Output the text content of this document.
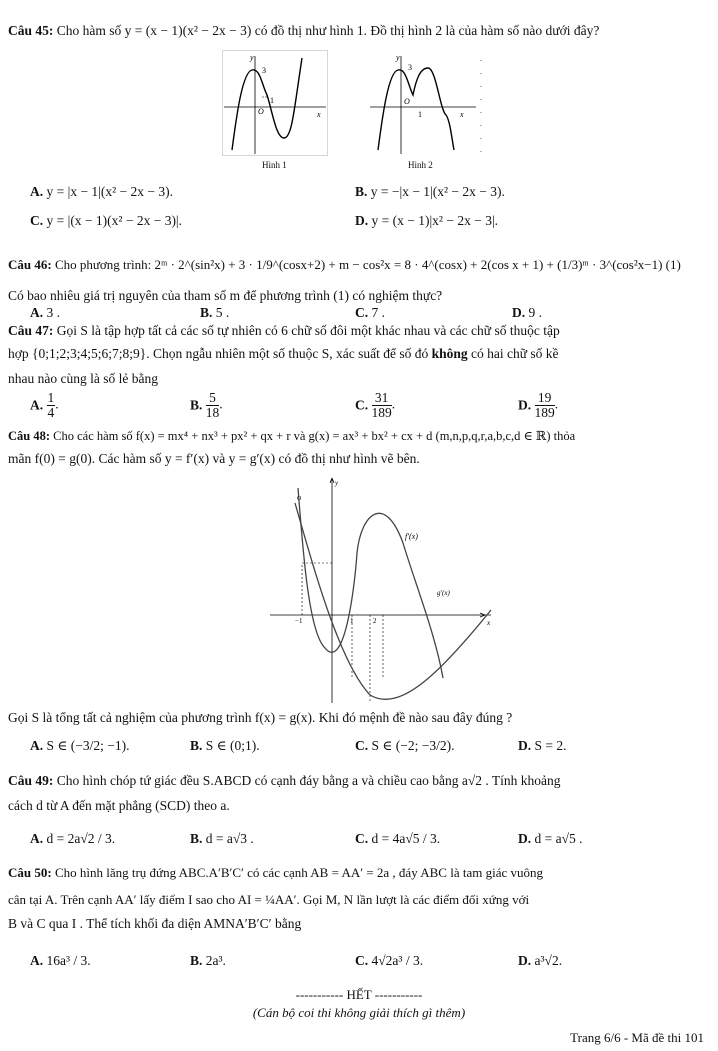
Câu 45: Cho hàm số y = (x − 1)(x² − 2x − 3) có đồ thị như hình 1. Đồ thị hình 2 là của hàm số nào dưới đây?
y
x
O
3
1
Hình 1
y
x
O
3
1
Hình 2
A. y = |x − 1|(x² − 2x − 3).	B. y = −|x − 1|(x² − 2x − 3).
C. y = |(x − 1)(x² − 2x − 3)|.	D. y = (x − 1)|x² − 2x − 3|.
Câu 46: Cho phương trình: 2ᵐ · 2^(sin²x) + 3 · 1/9^(cosx+2) + m − cos²x = 8 · 4^(cosx) + 2(cos x + 1) + (1/3)ᵐ · 3^(cos²x−1) (1)
Có bao nhiêu giá trị nguyên của tham số m để phương trình (1) có nghiệm thực?
A. 3 .	B. 5 .	C. 7 .	D. 9 .
Câu 47: Gọi S là tập hợp tất cả các số tự nhiên có 6 chữ số đôi một khác nhau và các chữ số thuộc tập
hợp {0;1;2;3;4;5;6;7;8;9}. Chọn ngẫu nhiên một số thuộc S, xác suất để số đó không có hai chữ số kề
nhau nào cùng là số lẻ bằng
A. $\frac{1}{4}$ .	B. $\frac{5}{18}$ .	C. $\frac{31}{189}$ .	D. $\frac{19}{189}$ .
Câu 48: Cho các hàm số f(x) = mx⁴ + nx³ + px² + qx + r và g(x) = ax³ + bx² + cx + d (m,n,p,q,r,a,b,c,d ∈ ℝ) thỏa
mãn f(0) = g(0). Các hàm số y = f′(x) và y = g′(x) có đồ thị như hình vẽ bên.
y
x
f′(x)
g′(x)
−1	1	2
O
Gọi S là tổng tất cả nghiệm của phương trình f(x) = g(x). Khi đó mệnh đề nào sau đây đúng ?
A. S ∈ (−3/2; −1).	B. S ∈ (0;1).	C. S ∈ (−2; −3/2).	D. S = 2.
Câu 49: Cho hình chóp tứ giác đều S.ABCD có cạnh đáy bằng a và chiều cao bằng a√2 . Tính khoảng
cách d từ A đến mặt phẳng (SCD) theo a.
A. d = 2a√2 / 3.	B. d = a√3 .	C. d = 4a√5 / 3.	D. d = a√5 .
Câu 50: Cho hình lăng trụ đứng ABC.A′B′C′ có các cạnh AB = AA′ = 2a , đáy ABC là tam giác vuông
cân tại A. Trên cạnh AA′ lấy điểm I sao cho AI = ¼AA′. Gọi M, N lần lượt là các điểm đối xứng với
B và C qua I . Thể tích khối đa diện AMNA′B′C′ bằng
A. 16a³ / 3.	B. 2a³.	C. 4√2a³ / 3.	D. a³√2.
----------- HẾT -----------
(Cán bộ coi thi không giải thích gì thêm)
Trang 6/6 - Mã đề thi 101
